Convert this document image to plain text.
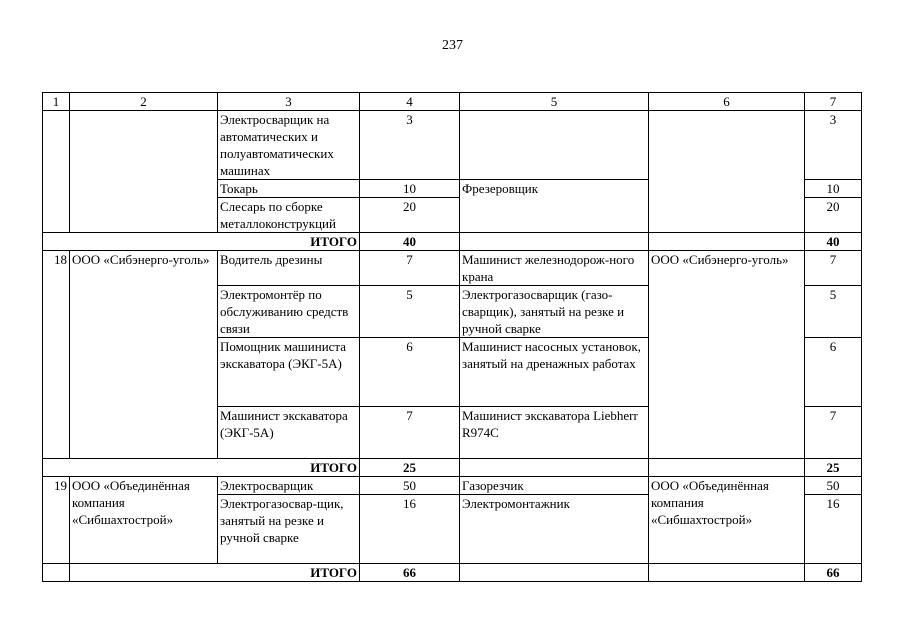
237
1	2	3	4	5	6	7
		Электросварщик на автоматических и полуавтоматических машинах	3			3
		Токарь	10	Фрезеровщик		10
		Слесарь по сборке металлоконструкций	20			20
ИТОГО			40			40
18	ООО «Сибэнерго-уголь»	Водитель дрезины	7	Машинист железнодорож-ного крана	ООО «Сибэнерго-уголь»	7
		Электромонтёр по обслуживанию средств связи	5	Электрогазосварщик (газо-сварщик), занятый на резке и ручной сварке		5
		Помощник машиниста экскаватора (ЭКГ-5А)	6	Машинист насосных установок, занятый на дренажных работах		6
		Машинист экскаватора (ЭКГ-5А)	7	Машинист экскаватора Liebherr R974C		7
ИТОГО			25			25
19	ООО «Объединённая компания «Сибшахтострой»	Электросварщик	50	Газорезчик	ООО «Объединённая компания «Сибшахтострой»	50
		Электрогазосвар-щик, занятый на резке и ручной сварке	16	Электромонтажник		16
	ИТОГО		66			66
